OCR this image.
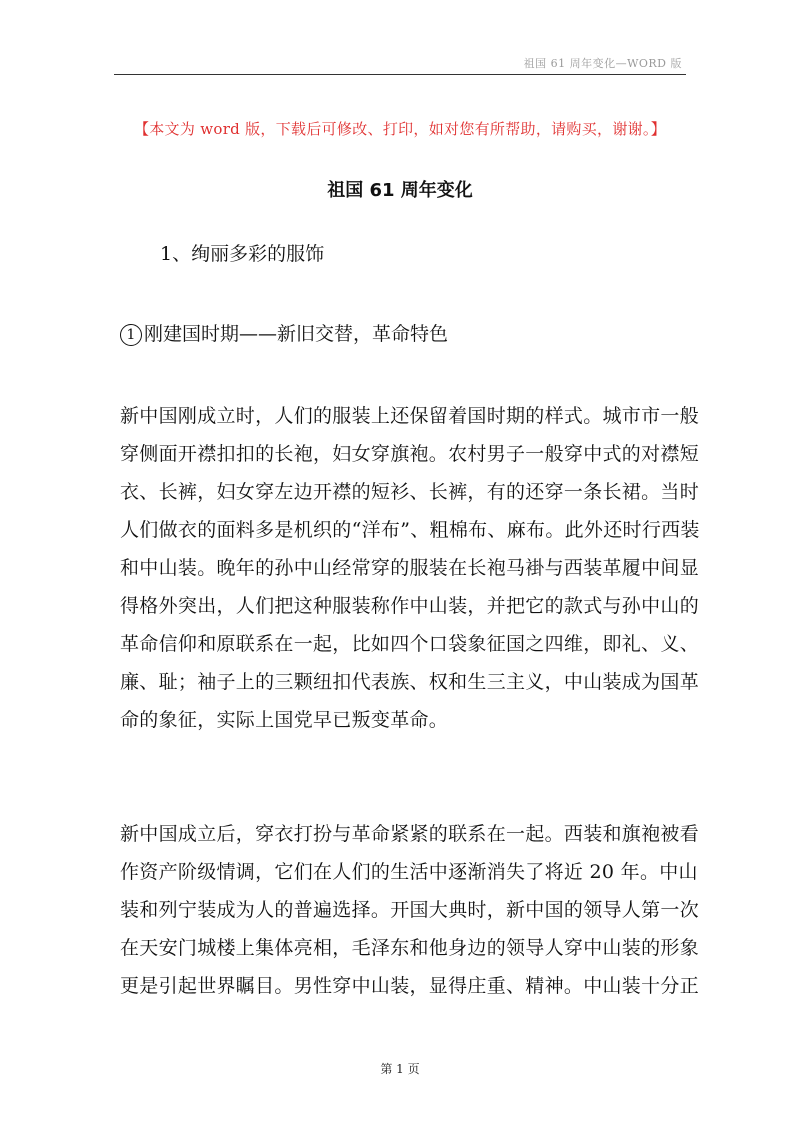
祖国 61 周年变化—WORD 版
【本文为 word 版，下载后可修改、打印，如对您有所帮助，请购买，谢谢。】
祖国 61 周年变化
1、绚丽多彩的服饰
1 刚建国时期——新旧交替，革命特色
新中国刚成立时，人们的服装上还保留着国时期的样式。城市市一般
穿侧面开襟扣扣的长袍，妇女穿旗袍。农村男子一般穿中式的对襟短
衣、长裤，妇女穿左边开襟的短衫、长裤，有的还穿一条长裙。当时
人们做衣的面料多是机织的“洋布”、粗棉布、麻布。此外还时行西装
和中山装。晚年的孙中山经常穿的服装在长袍马褂与西装革履中间显
得格外突出，人们把这种服装称作中山装，并把它的款式与孙中山的
革命信仰和原联系在一起，比如四个口袋象征国之四维，即礼、义、
廉、耻；袖子上的三颗纽扣代表族、权和生三主义，中山装成为国革
命的象征，实际上国党早已叛变革命。
新中国成立后，穿衣打扮与革命紧紧的联系在一起。西装和旗袍被看
作资产阶级情调，它们在人们的生活中逐渐消失了将近 20 年。中山
装和列宁装成为人的普遍选择。开国大典时，新中国的领导人第一次
在天安门城楼上集体亮相，毛泽东和他身边的领导人穿中山装的形象
更是引起世界瞩目。男性穿中山装，显得庄重、精神。中山装十分正
第 1 页
